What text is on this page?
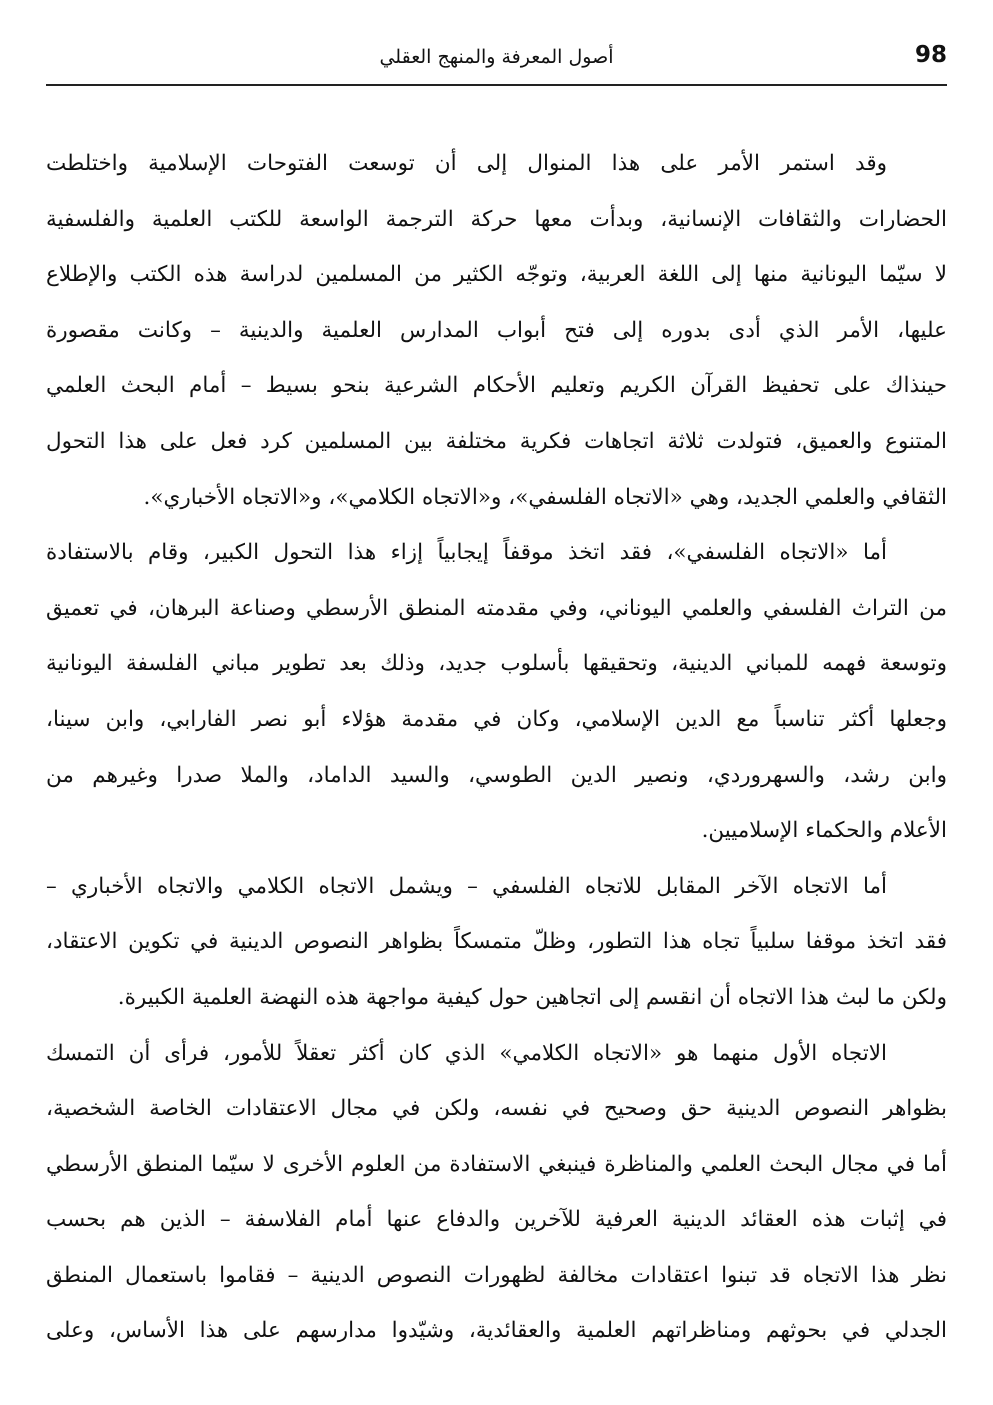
98
أصول المعرفة والمنهج العقلي
وقد استمر الأمر على هذا المنوال إلى أن توسعت الفتوحات الإسلامية واختلطت
الحضارات والثقافات الإنسانية، وبدأت معها حركة الترجمة الواسعة للكتب العلمية والفلسفية
لا سيّما اليونانية منها إلى اللغة العربية، وتوجّه الكثير من المسلمين لدراسة هذه الكتب والإطلاع
عليها، الأمر الذي أدى بدوره إلى فتح أبواب المدارس العلمية والدينية – وكانت مقصورة
حينذاك على تحفيظ القرآن الكريم وتعليم الأحكام الشرعية بنحو بسيط – أمام البحث العلمي
المتنوع والعميق، فتولدت ثلاثة اتجاهات فكرية مختلفة بين المسلمين كرد فعل على هذا التحول
الثقافي والعلمي الجديد، وهي «الاتجاه الفلسفي»، و«الاتجاه الكلامي»، و«الاتجاه الأخباري».
أما «الاتجاه الفلسفي»، فقد اتخذ موقفاً إيجابياً إزاء هذا التحول الكبير، وقام بالاستفادة
من التراث الفلسفي والعلمي اليوناني، وفي مقدمته المنطق الأرسطي وصناعة البرهان، في تعميق
وتوسعة فهمه للمباني الدينية، وتحقيقها بأسلوب جديد، وذلك بعد تطوير مباني الفلسفة اليونانية
وجعلها أكثر تناسباً مع الدين الإسلامي، وكان في مقدمة هؤلاء أبو نصر الفارابي، وابن سينا،
وابن رشد، والسهروردي، ونصير الدين الطوسي، والسيد الداماد، والملا صدرا وغيرهم من
الأعلام والحكماء الإسلاميين.
أما الاتجاه الآخر المقابل للاتجاه الفلسفي – ويشمل الاتجاه الكلامي والاتجاه الأخباري –
فقد اتخذ موقفا سلبياً تجاه هذا التطور، وظلّ متمسكاً بظواهر النصوص الدينية في تكوين الاعتقاد،
ولكن ما لبث هذا الاتجاه أن انقسم إلى اتجاهين حول كيفية مواجهة هذه النهضة العلمية الكبيرة.
الاتجاه الأول منهما هو «الاتجاه الكلامي» الذي كان أكثر تعقلاً للأمور، فرأى أن التمسك
بظواهر النصوص الدينية حق وصحيح في نفسه، ولكن في مجال الاعتقادات الخاصة الشخصية،
أما في مجال البحث العلمي والمناظرة فينبغي الاستفادة من العلوم الأخرى لا سيّما المنطق الأرسطي
في إثبات هذه العقائد الدينية العرفية للآخرين والدفاع عنها أمام الفلاسفة – الذين هم بحسب
نظر هذا الاتجاه قد تبنوا اعتقادات مخالفة لظهورات النصوص الدينية – فقاموا باستعمال المنطق
الجدلي في بحوثهم ومناظراتهم العلمية والعقائدية، وشيّدوا مدارسهم على هذا الأساس، وعلى
